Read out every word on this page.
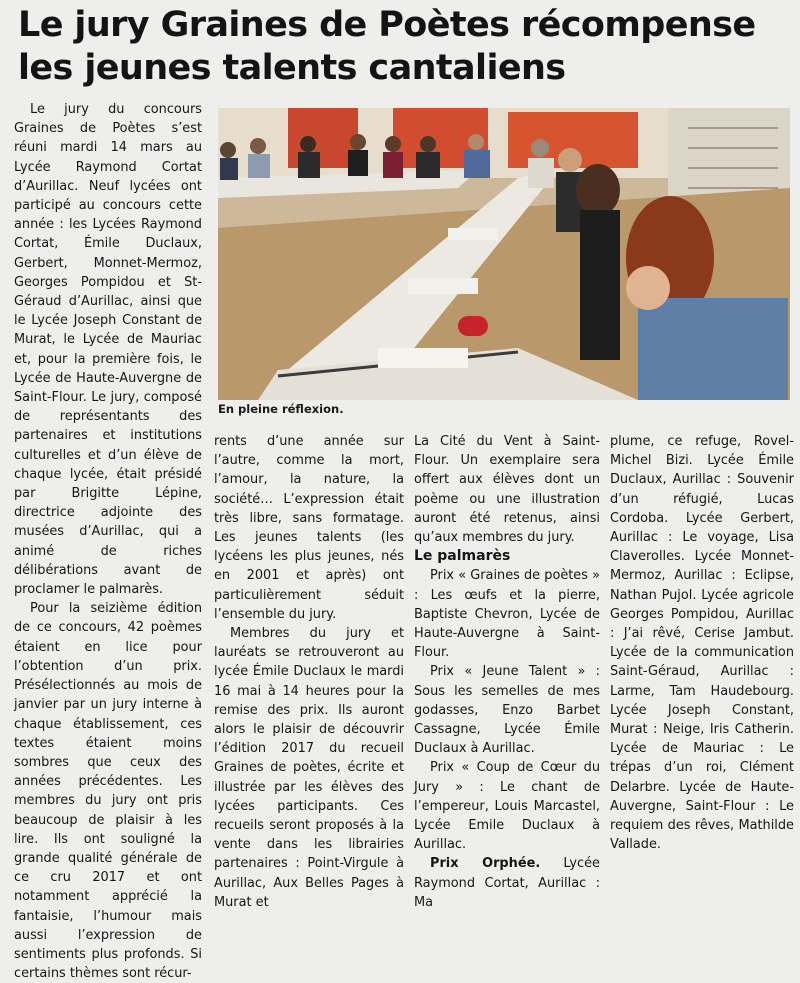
Le jury Graines de Poètes récompense
les jeunes talents cantaliens

Le jury du concours Graines de Poètes s’est réuni mardi 14 mars au Lycée Raymond Cortat d’Aurillac. Neuf lycées ont participé au concours cette année : les Lycées Raymond Cortat, Émile Duclaux, Gerbert, Monnet-Mermoz, Georges Pompidou et St-Géraud d’Aurillac, ainsi que le Lycée Joseph Constant de Murat, le Lycée de Mauriac et, pour la première fois, le Lycée de Haute-Auvergne de Saint-Flour. Le jury, composé de représentants des partenaires et institutions culturelles et d’un élève de chaque lycée, était présidé par Brigitte Lépine, directrice adjointe des musées d’Aurillac, qui a animé de riches délibérations avant de proclamer le palmarès.

Pour la seizième édition de ce concours, 42 poèmes étaient en lice pour l’obtention d’un prix. Présélectionnés au mois de janvier par un jury interne à chaque établissement, ces textes étaient moins sombres que ceux des années précédentes. Les membres du jury ont pris beaucoup de plaisir à les lire. Ils ont souligné la grande qualité générale de ce cru 2017 et ont notamment apprécié la fantaisie, l’humour mais aussi l’expression de sentiments plus profonds. Si certains thèmes sont récur-

En pleine réflexion.

rents d’une année sur l’autre, comme la mort, l’amour, la nature, la société… L’expression était très libre, sans formatage. Les jeunes talents (les lycéens les plus jeunes, nés en 2001 et après) ont particulièrement séduit l’ensemble du jury.

Membres du jury et lauréats se retrouveront au lycée Émile Duclaux le mardi 16 mai à 14 heures pour la remise des prix. Ils auront alors le plaisir de découvrir l’édition 2017 du recueil Graines de poètes, écrite et illustrée par les élèves des lycées participants. Ces recueils seront proposés à la vente dans les librairies partenaires : Point-Virgule à Aurillac, Aux Belles Pages à Murat et

La Cité du Vent à Saint-Flour. Un exemplaire sera offert aux élèves dont un poème ou une illustration auront été retenus, ainsi qu’aux membres du jury.

Le palmarès

Prix « Graines de poètes » : Les œufs et la pierre, Baptiste Chevron, Lycée de Haute-Auvergne à Saint-Flour.

Prix « Jeune Talent » : Sous les semelles de mes godasses, Enzo Barbet Cassagne, Lycée Émile Duclaux à Aurillac.

Prix « Coup de Cœur du Jury » : Le chant de l’empereur, Louis Marcastel, Lycée Emile Duclaux à Aurillac.

Prix Orphée. Lycée Raymond Cortat, Aurillac : Ma

plume, ce refuge, Rovel-Michel Bizi. Lycée Émile Duclaux, Aurillac : Souvenir d’un réfugié, Lucas Cordoba. Lycée Gerbert, Aurillac : Le voyage, Lisa Claverolles. Lycée Monnet-Mermoz, Aurillac : Eclipse, Nathan Pujol. Lycée agricole Georges Pompidou, Aurillac : J’ai rêvé, Cerise Jambut. Lycée de la communication Saint-Géraud, Aurillac : Larme, Tam Haudebourg. Lycée Joseph Constant, Murat : Neige, Iris Catherin. Lycée de Mauriac : Le trépas d’un roi, Clément Delarbre. Lycée de Haute-Auvergne, Saint-Flour : Le requiem des rêves, Mathilde Vallade.
